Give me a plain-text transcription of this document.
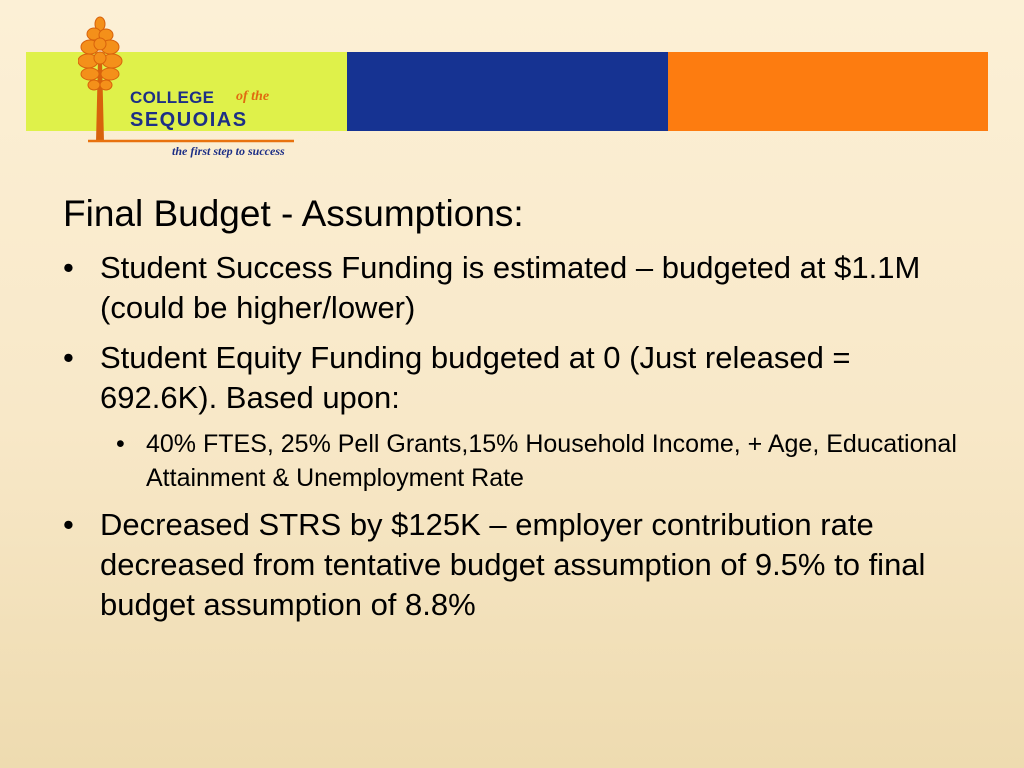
COLLEGE of the
SEQUOIAS
the first step to success
Final Budget - Assumptions:
• Student Success Funding is estimated – budgeted at $1.1M (could be higher/lower)
• Student Equity Funding budgeted at 0 (Just released = 692.6K). Based upon:
• 40% FTES, 25% Pell Grants,15% Household Income, + Age, Educational Attainment & Unemployment Rate
• Decreased STRS by $125K – employer contribution rate decreased from tentative budget assumption of 9.5% to final budget assumption of 8.8%
